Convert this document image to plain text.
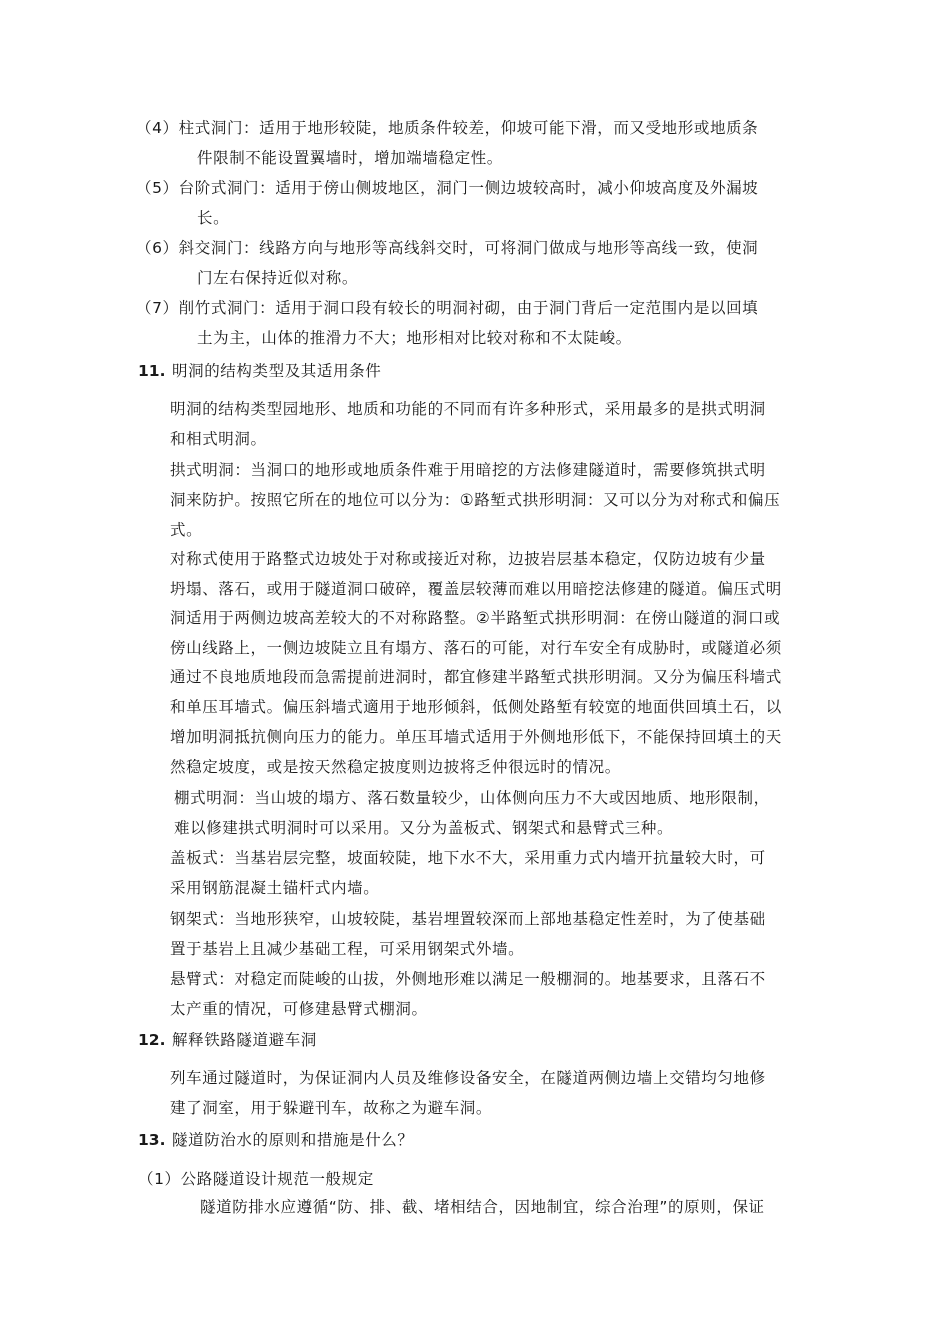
（4）柱式洞门：适用于地形较陡，地质条件较差，仰坡可能下滑，而又受地形或地质条
件限制不能设置翼墙时，增加端墙稳定性。
（5）台阶式洞门：适用于傍山侧坡地区，洞门一侧边坡较高时，减小仰坡高度及外漏坡
长。
（6）斜交洞门：线路方向与地形等高线斜交时，可将洞门做成与地形等高线一致，使洞
门左右保持近似对称。
（7）削竹式洞门：适用于洞口段有较长的明洞衬砌，由于洞门背后一定范围内是以回填
土为主，山体的推滑力不大；地形相对比较对称和不太陡峻。
11. 明洞的结构类型及其适用条件
明洞的结构类型园地形、地质和功能的不同而有许多种形式，采用最多的是拱式明洞
和相式明洞。
拱式明洞：当洞口的地形或地质条件难于用暗挖的方法修建隧道时，需要修筑拱式明
洞来防护。按照它所在的地位可以分为：①路堑式拱形明洞：又可以分为对称式和偏压
式。
对称式使用于路整式边坡处于对称或接近对称，边披岩层基本稳定，仅防边坡有少量
坍塌、落石，或用于隧道洞口破碎，覆盖层较薄而难以用暗挖法修建的隧道。偏压式明
洞适用于两侧边坡高差较大的不对称路整。②半路堑式拱形明洞：在傍山隧道的洞口或
傍山线路上，一侧边坡陡立且有塌方、落石的可能，对行车安全有成胁时，或隧道必须
通过不良地质地段而急需提前进洞时，都宜修建半路堑式拱形明洞。又分为偏压科墙式
和单压耳墙式。偏压斜墙式適用于地形倾斜，低侧处路堑有较宽的地面供回填土石，以
增加明洞抵抗侧向压力的能力。单压耳墙式适用于外侧地形低下，不能保持回填土的天
然稳定坡度，或是按天然稳定披度则边披将乏仲很远时的情况。
棚式明洞：当山坡的塌方、落石数量较少，山体侧向压力不大或因地质、地形限制，
难以修建拱式明洞时可以采用。又分为盖板式、钢架式和悬臂式三种。
盖板式：当基岩层完整，坡面较陡，地下水不大，采用重力式内墙开抗量较大时，可
采用钢筋混凝土锚杆式内墙。
钢架式：当地形狭窄，山坡较陡，基岩埋置较深而上部地基稳定性差时，为了使基础
置于基岩上且减少基础工程，可采用钢架式外墙。
悬臂式：对稳定而陡峻的山拔，外侧地形难以满足一般棚洞的。地基要求，且落石不
太产重的情况，可修建悬臂式棚洞。
12. 解释铁路隧道避车洞
列车通过隧道时，为保证洞内人员及维修设备安全，在隧道两侧边墙上交错均匀地修
建了洞室，用于躲避刊车，故称之为避车洞。
13. 隧道防治水的原则和措施是什么？
（1）公路隧道设计规范一般规定
隧道防排水应遵循“防、排、截、堵相结合，因地制宜，综合治理”的原则，保证
